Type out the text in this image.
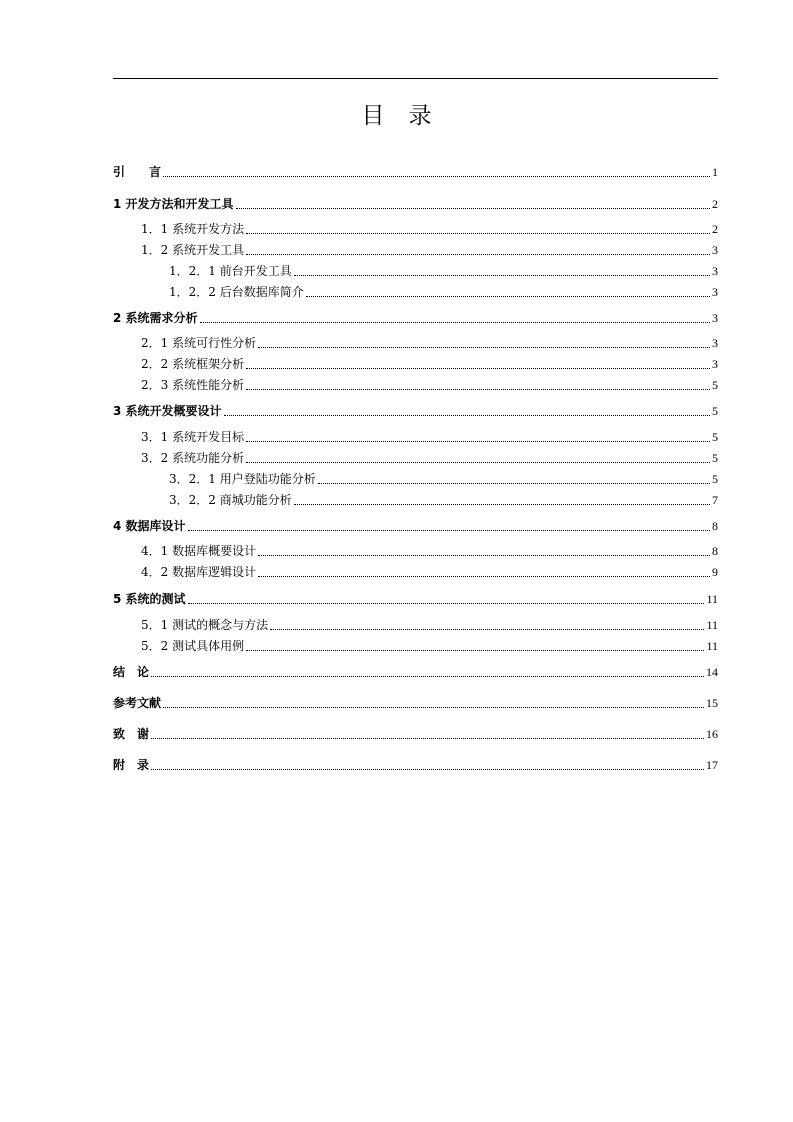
目 录
引　　言	1
1 开发方法和开发工具	2
1．1 系统开发方法	2
1．2 系统开发工具	3
1．2．1 前台开发工具	3
1．2．2 后台数据库简介	3
2 系统需求分析	3
2．1 系统可行性分析	3
2．2 系统框架分析	3
2．3 系统性能分析	5
3 系统开发概要设计	5
3．1 系统开发目标	5
3．2 系统功能分析	5
3．2．1 用户登陆功能分析	5
3．2．2 商城功能分析	7
4 数据库设计	8
4．1 数据库概要设计	8
4．2 数据库逻辑设计	9
5 系统的测试	11
5．1 测试的概念与方法	11
5．2 测试具体用例	11
结　论	14
参考文献	15
致　谢	16
附　录	17
